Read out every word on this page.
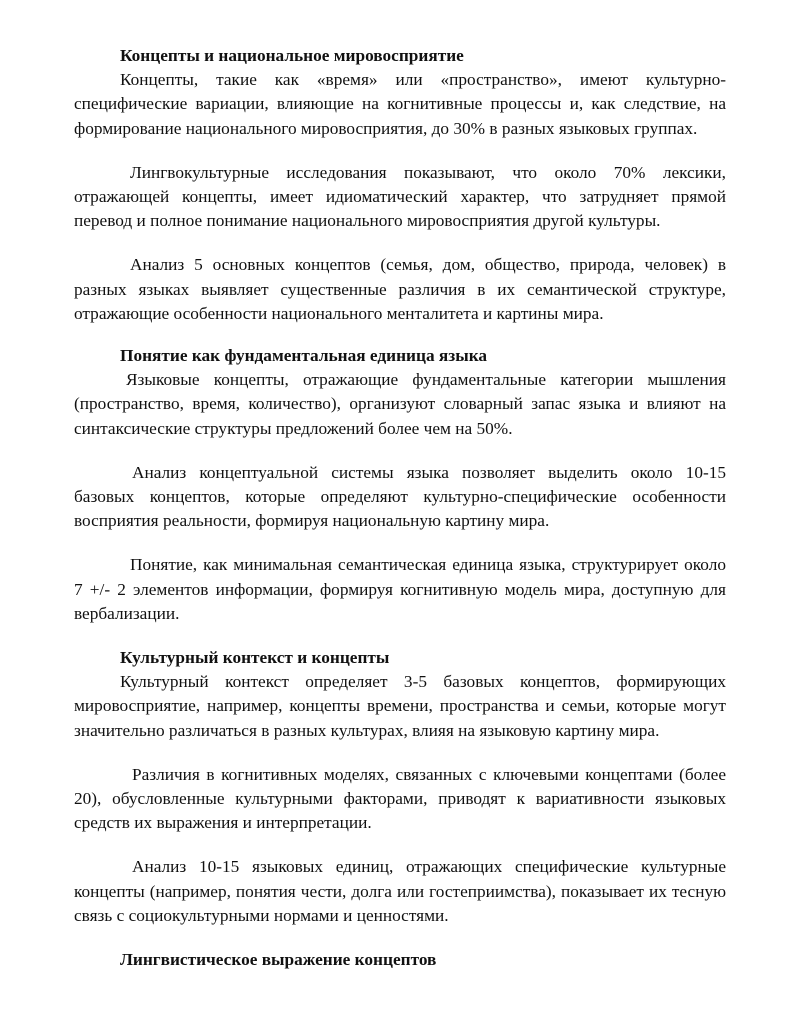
Концепты и национальное мировосприятие

Концепты, такие как «время» или «пространство», имеют культурно-специфические вариации, влияющие на когнитивные процессы и, как следствие, на формирование национального мировосприятия, до 30% в разных языковых группах.

Лингвокультурные исследования показывают, что около 70% лексики, отражающей концепты, имеет идиоматический характер, что затрудняет прямой перевод и полное понимание национального мировосприятия другой культуры.

Анализ 5 основных концептов (семья, дом, общество, природа, человек) в разных языках выявляет существенные различия в их семантической структуре, отражающие особенности национального менталитета и картины мира.

Понятие как фундаментальная единица языка

Языковые концепты, отражающие фундаментальные категории мышления (пространство, время, количество), организуют словарный запас языка и влияют на синтаксические структуры предложений более чем на 50%.

Анализ концептуальной системы языка позволяет выделить около 10-15 базовых концептов, которые определяют культурно-специфические особенности восприятия реальности, формируя национальную картину мира.

Понятие, как минимальная семантическая единица языка, структурирует около 7 +/- 2 элементов информации, формируя когнитивную модель мира, доступную для вербализации.

Культурный контекст и концепты

Культурный контекст определяет 3-5 базовых концептов, формирующих мировосприятие, например, концепты времени, пространства и семьи, которые могут значительно различаться в разных культурах, влияя на языковую картину мира.

Различия в когнитивных моделях, связанных с ключевыми концептами (более 20), обусловленные культурными факторами, приводят к вариативности языковых средств их выражения и интерпретации.

Анализ 10-15 языковых единиц, отражающих специфические культурные концепты (например, понятия чести, долга или гостеприимства), показывает их тесную связь с социокультурными нормами и ценностями.

Лингвистическое выражение концептов
